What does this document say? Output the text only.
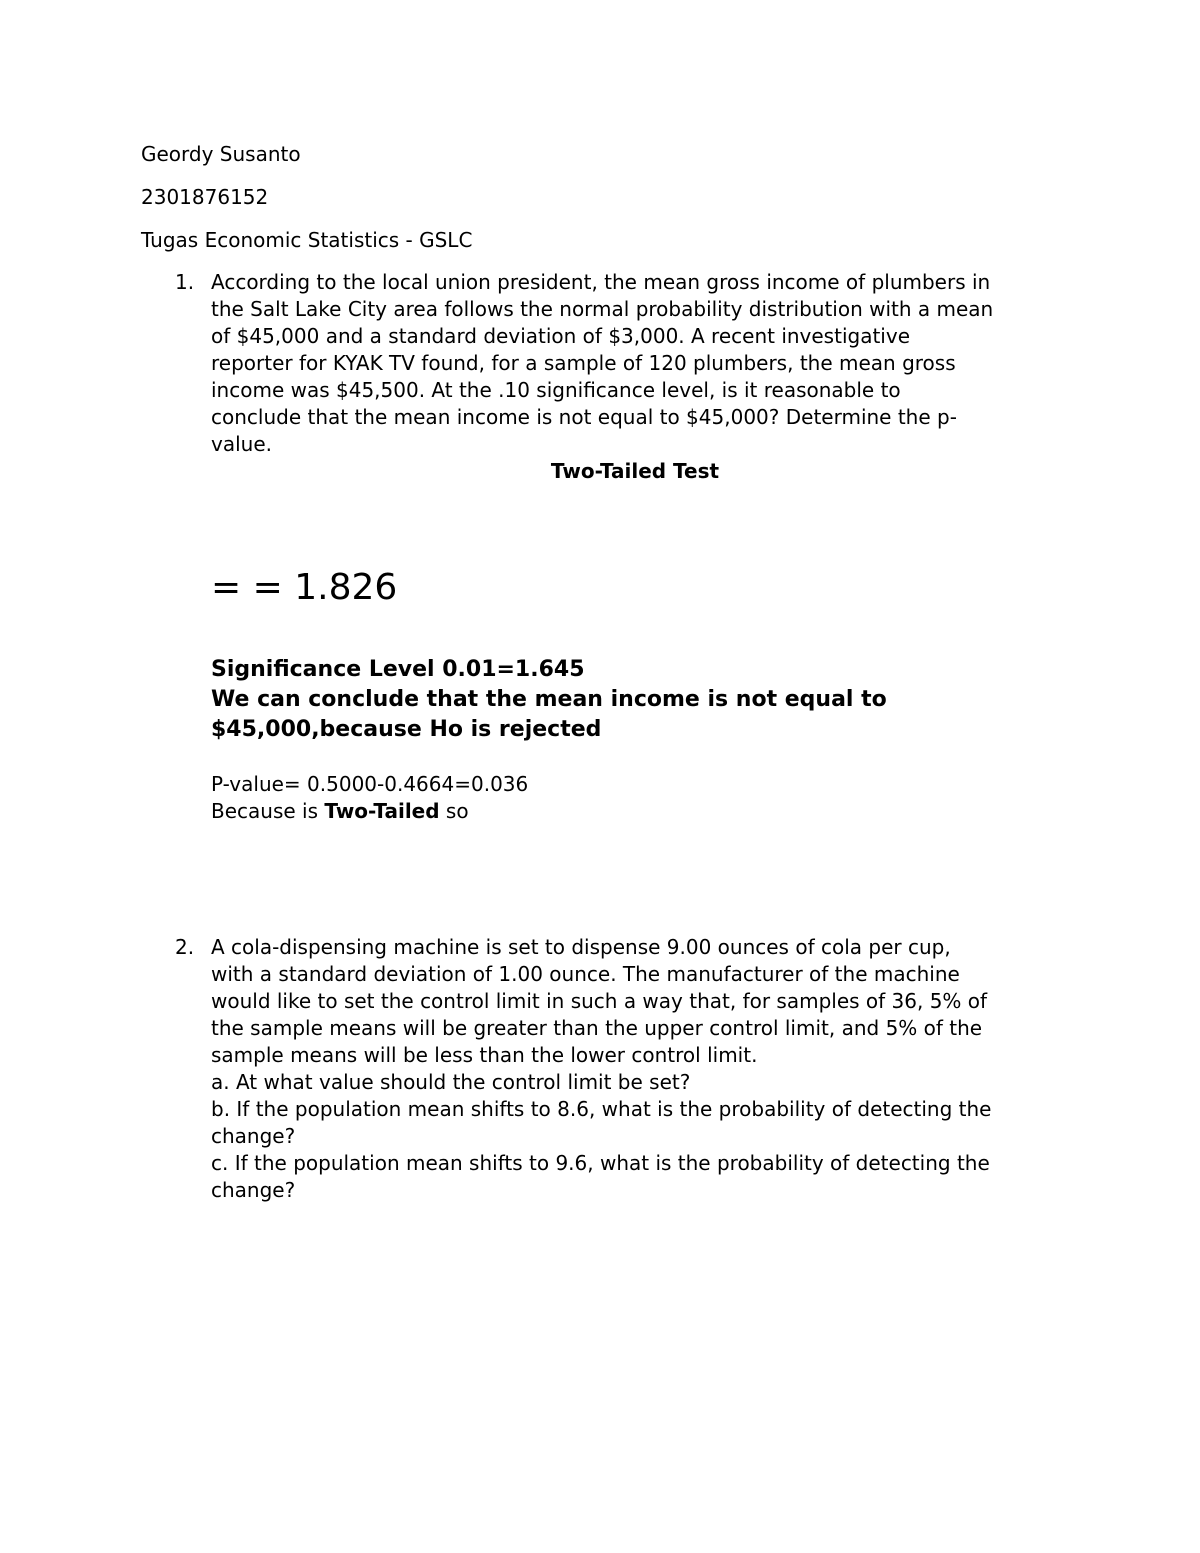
Geordy Susanto
2301876152
Tugas Economic Statistics - GSLC
1. According to the local union president, the mean gross income of plumbers in
the Salt Lake City area follows the normal probability distribution with a mean
of $45,000 and a standard deviation of $3,000. A recent investigative
reporter for KYAK TV found, for a sample of 120 plumbers, the mean gross
income was $45,500. At the .10 significance level, is it reasonable to
conclude that the mean income is not equal to $45,000? Determine the p-
value.
Two-Tailed Test
= = 1.826
Significance Level 0.01=1.645
We can conclude that the mean income is not equal to
$45,000,because Ho is rejected
P-value= 0.5000-0.4664=0.036
Because is Two-Tailed so
2. A cola-dispensing machine is set to dispense 9.00 ounces of cola per cup,
with a standard deviation of 1.00 ounce. The manufacturer of the machine
would like to set the control limit in such a way that, for samples of 36, 5% of
the sample means will be greater than the upper control limit, and 5% of the
sample means will be less than the lower control limit.
a. At what value should the control limit be set?
b. If the population mean shifts to 8.6, what is the probability of detecting the
change?
c. If the population mean shifts to 9.6, what is the probability of detecting the
change?
